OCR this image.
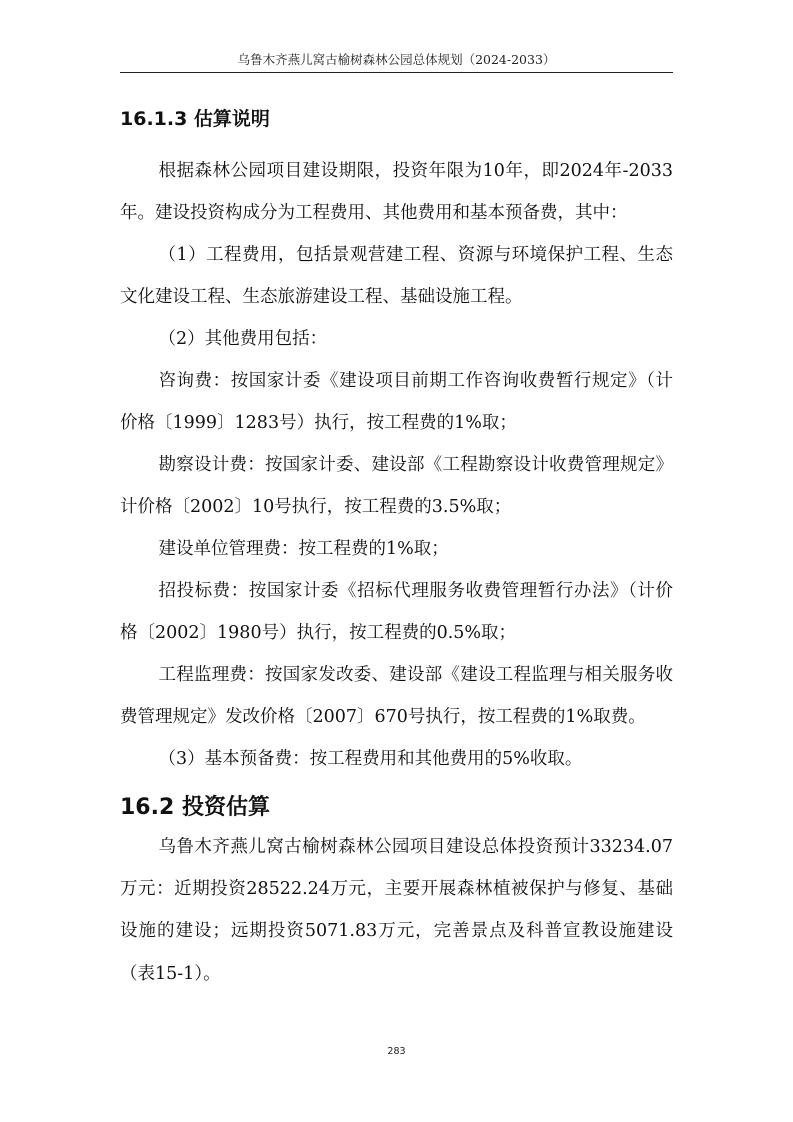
乌鲁木齐燕儿窝古榆树森林公园总体规划（2024-2033）
16.1.3 估算说明

根据森林公园项目建设期限，投资年限为10年，即2024年-2033年。建设投资构成分为工程费用、其他费用和基本预备费，其中：

（1）工程费用，包括景观营建工程、资源与环境保护工程、生态文化建设工程、生态旅游建设工程、基础设施工程。

（2）其他费用包括：

咨询费：按国家计委《建设项目前期工作咨询收费暂行规定》（计价格〔1999〕1283号）执行，按工程费的1%取；

勘察设计费：按国家计委、建设部《工程勘察设计收费管理规定》计价格〔2002〕10号执行，按工程费的3.5%取；

建设单位管理费：按工程费的1%取；

招投标费：按国家计委《招标代理服务收费管理暂行办法》（计价格〔2002〕1980号）执行，按工程费的0.5%取；

工程监理费：按国家发改委、建设部《建设工程监理与相关服务收费管理规定》发改价格〔2007〕670号执行，按工程费的1%取费。

（3）基本预备费：按工程费用和其他费用的5%收取。

16.2 投资估算

乌鲁木齐燕儿窝古榆树森林公园项目建设总体投资预计33234.07万元：近期投资28522.24万元，主要开展森林植被保护与修复、基础设施的建设；远期投资5071.83万元，完善景点及科普宣教设施建设（表15-1）。

283
